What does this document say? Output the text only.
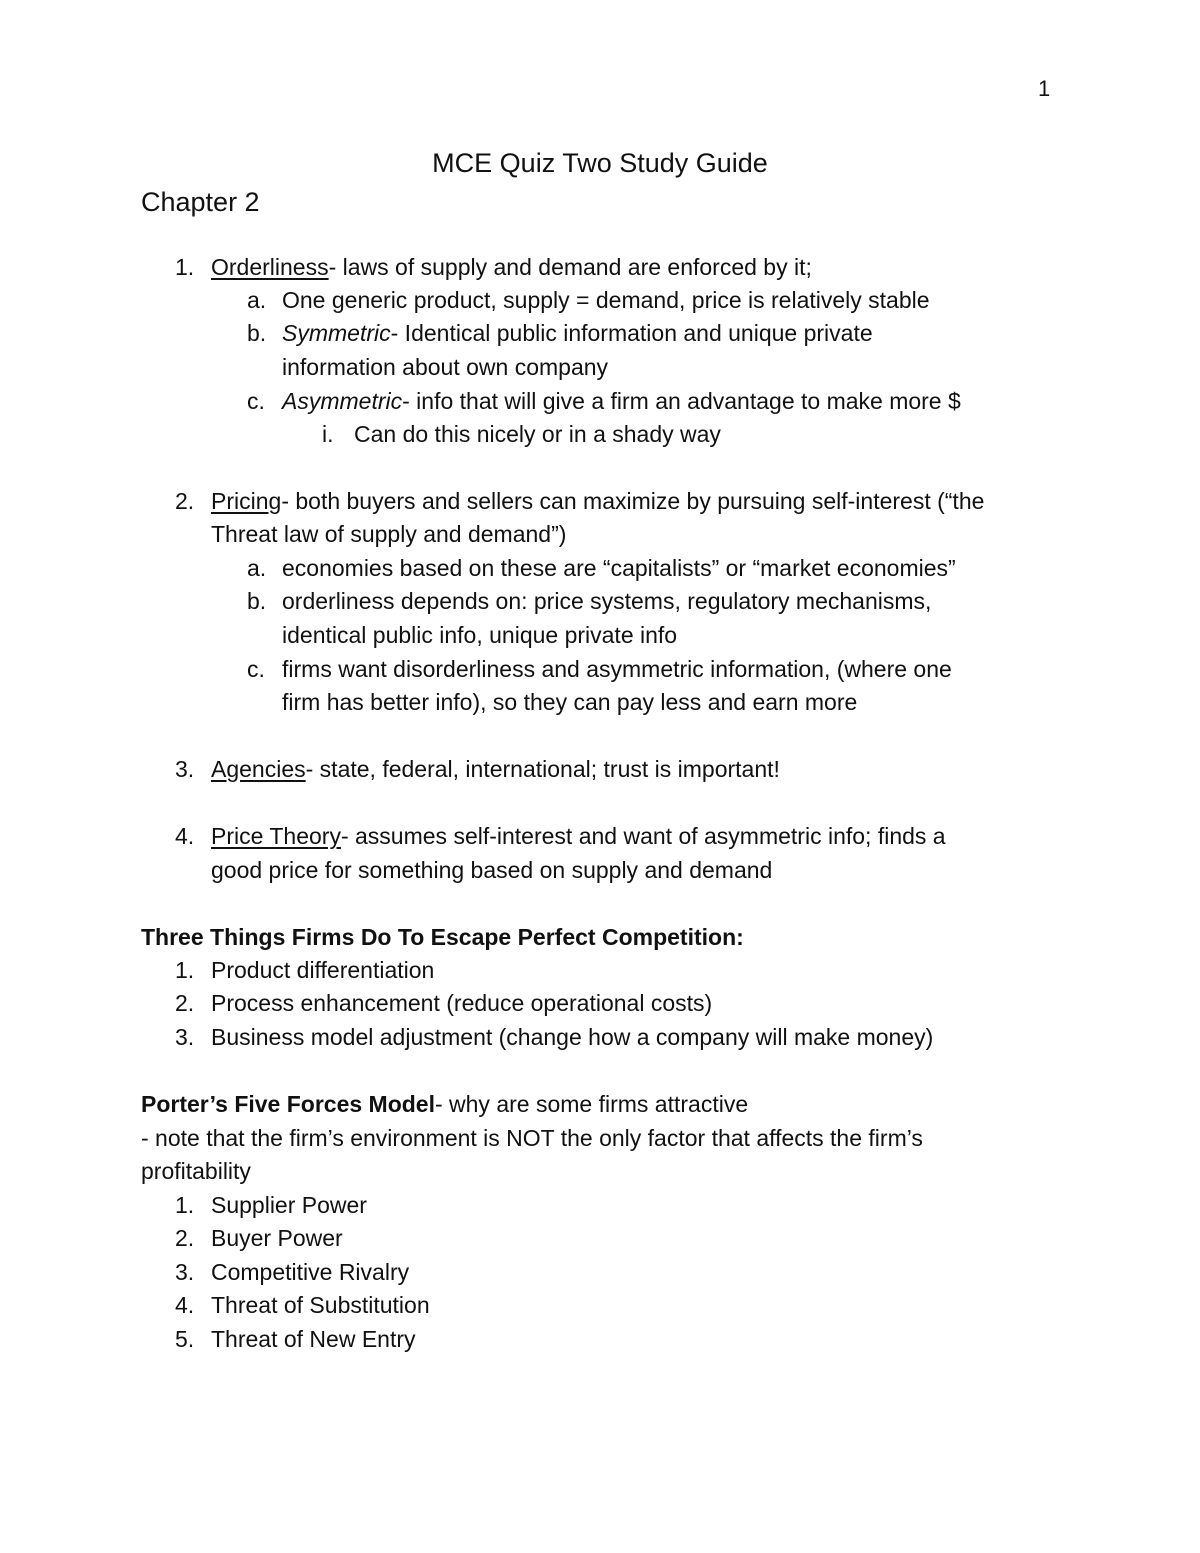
1
MCE Quiz Two Study Guide
Chapter 2
1. Orderliness- laws of supply and demand are enforced by it;
a. One generic product, supply = demand, price is relatively stable
b. Symmetric- Identical public information and unique private
information about own company
c. Asymmetric- info that will give a firm an advantage to make more $
i. Can do this nicely or in a shady way
2. Pricing- both buyers and sellers can maximize by pursuing self-interest (“the
Threat law of supply and demand”)
a. economies based on these are “capitalists” or “market economies”
b. orderliness depends on: price systems, regulatory mechanisms,
identical public info, unique private info
c. firms want disorderliness and asymmetric information, (where one
firm has better info), so they can pay less and earn more
3. Agencies- state, federal, international; trust is important!
4. Price Theory- assumes self-interest and want of asymmetric info; finds a
good price for something based on supply and demand
Three Things Firms Do To Escape Perfect Competition:
1. Product differentiation
2. Process enhancement (reduce operational costs)
3. Business model adjustment (change how a company will make money)
Porter’s Five Forces Model- why are some firms attractive
- note that the firm’s environment is NOT the only factor that affects the firm’s
profitability
1. Supplier Power
2. Buyer Power
3. Competitive Rivalry
4. Threat of Substitution
5. Threat of New Entry
